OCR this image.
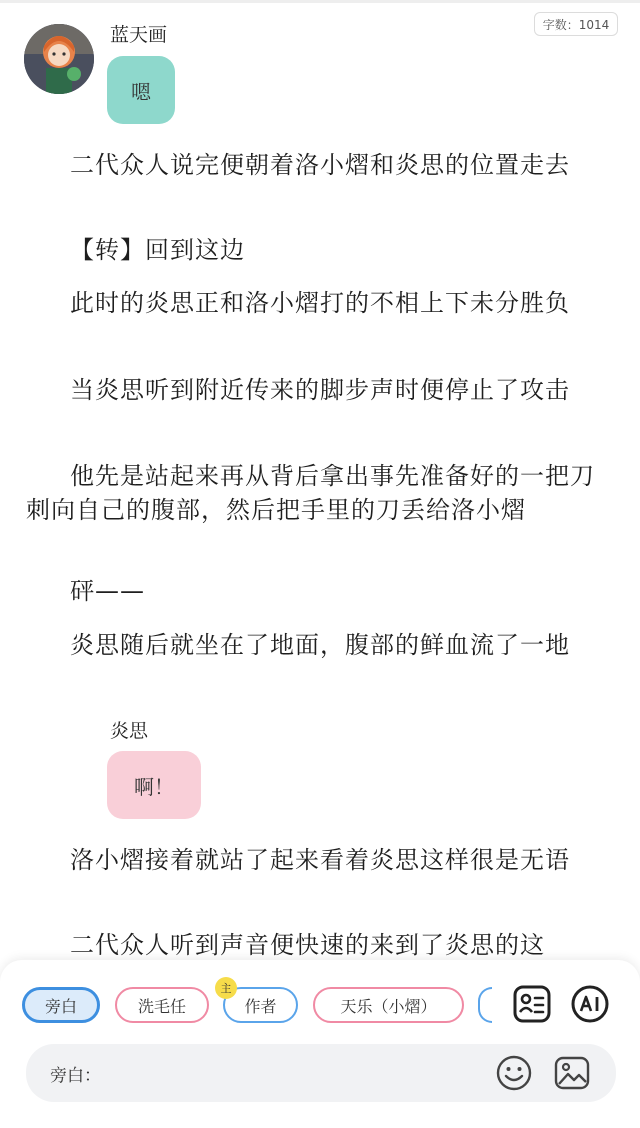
字数：1014
蓝天画
嗯

二代众人说完便朝着洛小熠和炎思的位置走去

【转】回到这边

此时的炎思正和洛小熠打的不相上下未分胜负

当炎思听到附近传来的脚步声时便停止了攻击

他先是站起来再从背后拿出事先准备好的一把刀刺向自己的腹部，然后把手里的刀丢给洛小熠

砰——

炎思随后就坐在了地面，腹部的鲜血流了一地

炎思
啊！

洛小熠接着就站了起来看着炎思这样很是无语

二代众人听到声音便快速的来到了炎思的这

旁白	洗毛任
主
作者	天乐（小熠）
旁白：
